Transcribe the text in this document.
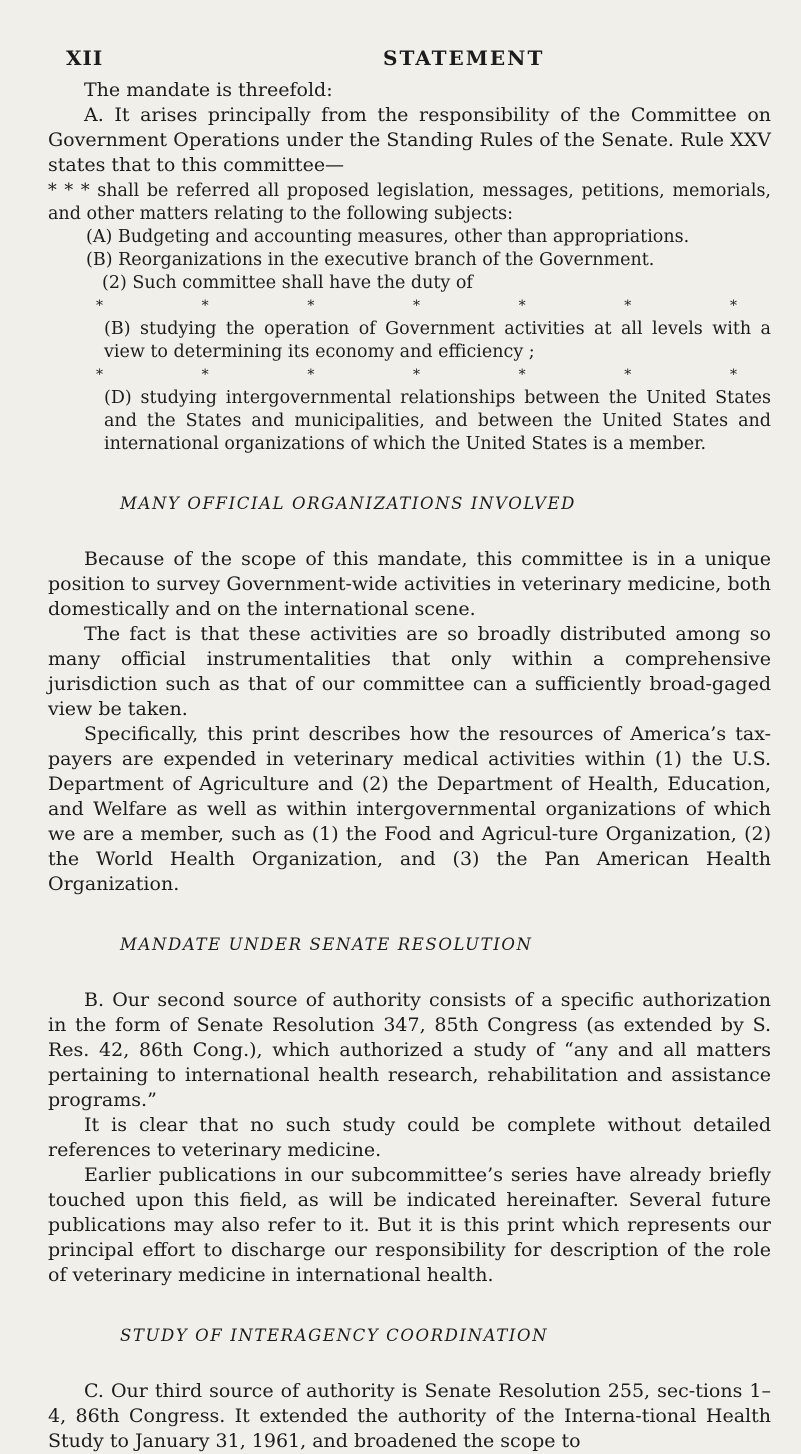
XII	STATEMENT

The mandate is threefold:

A. It arises principally from the responsibility of the Committee on Government Operations under the Standing Rules of the Senate. Rule XXV states that to this committee—

* * * shall be referred all proposed legislation, messages, petitions, memorials, and other matters relating to the following subjects:

(A) Budgeting and accounting measures, other than appropriations.

(B) Reorganizations in the executive branch of the Government.

(2) Such committee shall have the duty of

*	*	*	*	*	*	*

(B) studying the operation of Government activities at all levels with a view to determining its economy and efficiency ;

*	*	*	*	*	*	*

(D) studying intergovernmental relationships between the United States and the States and municipalities, and between the United States and international organizations of which the United States is a member.

MANY OFFICIAL ORGANIZATIONS INVOLVED

Because of the scope of this mandate, this committee is in a unique position to survey Government-wide activities in veterinary medicine, both domestically and on the international scene.

The fact is that these activities are so broadly distributed among so many official instrumentalities that only within a comprehensive jurisdiction such as that of our committee can a sufficiently broad-gaged view be taken.

Specifically, this print describes how the resources of America’s tax-payers are expended in veterinary medical activities within (1) the U.S. Department of Agriculture and (2) the Department of Health, Education, and Welfare as well as within intergovernmental organizations of which we are a member, such as (1) the Food and Agricul-ture Organization, (2) the World Health Organization, and (3) the Pan American Health Organization.

MANDATE UNDER SENATE RESOLUTION

B. Our second source of authority consists of a specific authorization in the form of Senate Resolution 347, 85th Congress (as extended by S. Res. 42, 86th Cong.), which authorized a study of “any and all matters pertaining to international health research, rehabilitation and assistance programs.”

It is clear that no such study could be complete without detailed references to veterinary medicine.

Earlier publications in our subcommittee’s series have already briefly touched upon this field, as will be indicated hereinafter. Several future publications may also refer to it. But it is this print which represents our principal effort to discharge our responsibility for description of the role of veterinary medicine in international health.

STUDY OF INTERAGENCY COORDINATION

C. Our third source of authority is Senate Resolution 255, sec-tions 1–4, 86th Congress. It extended the authority of the Interna-tional Health Study to January 31, 1961, and broadened the scope to
